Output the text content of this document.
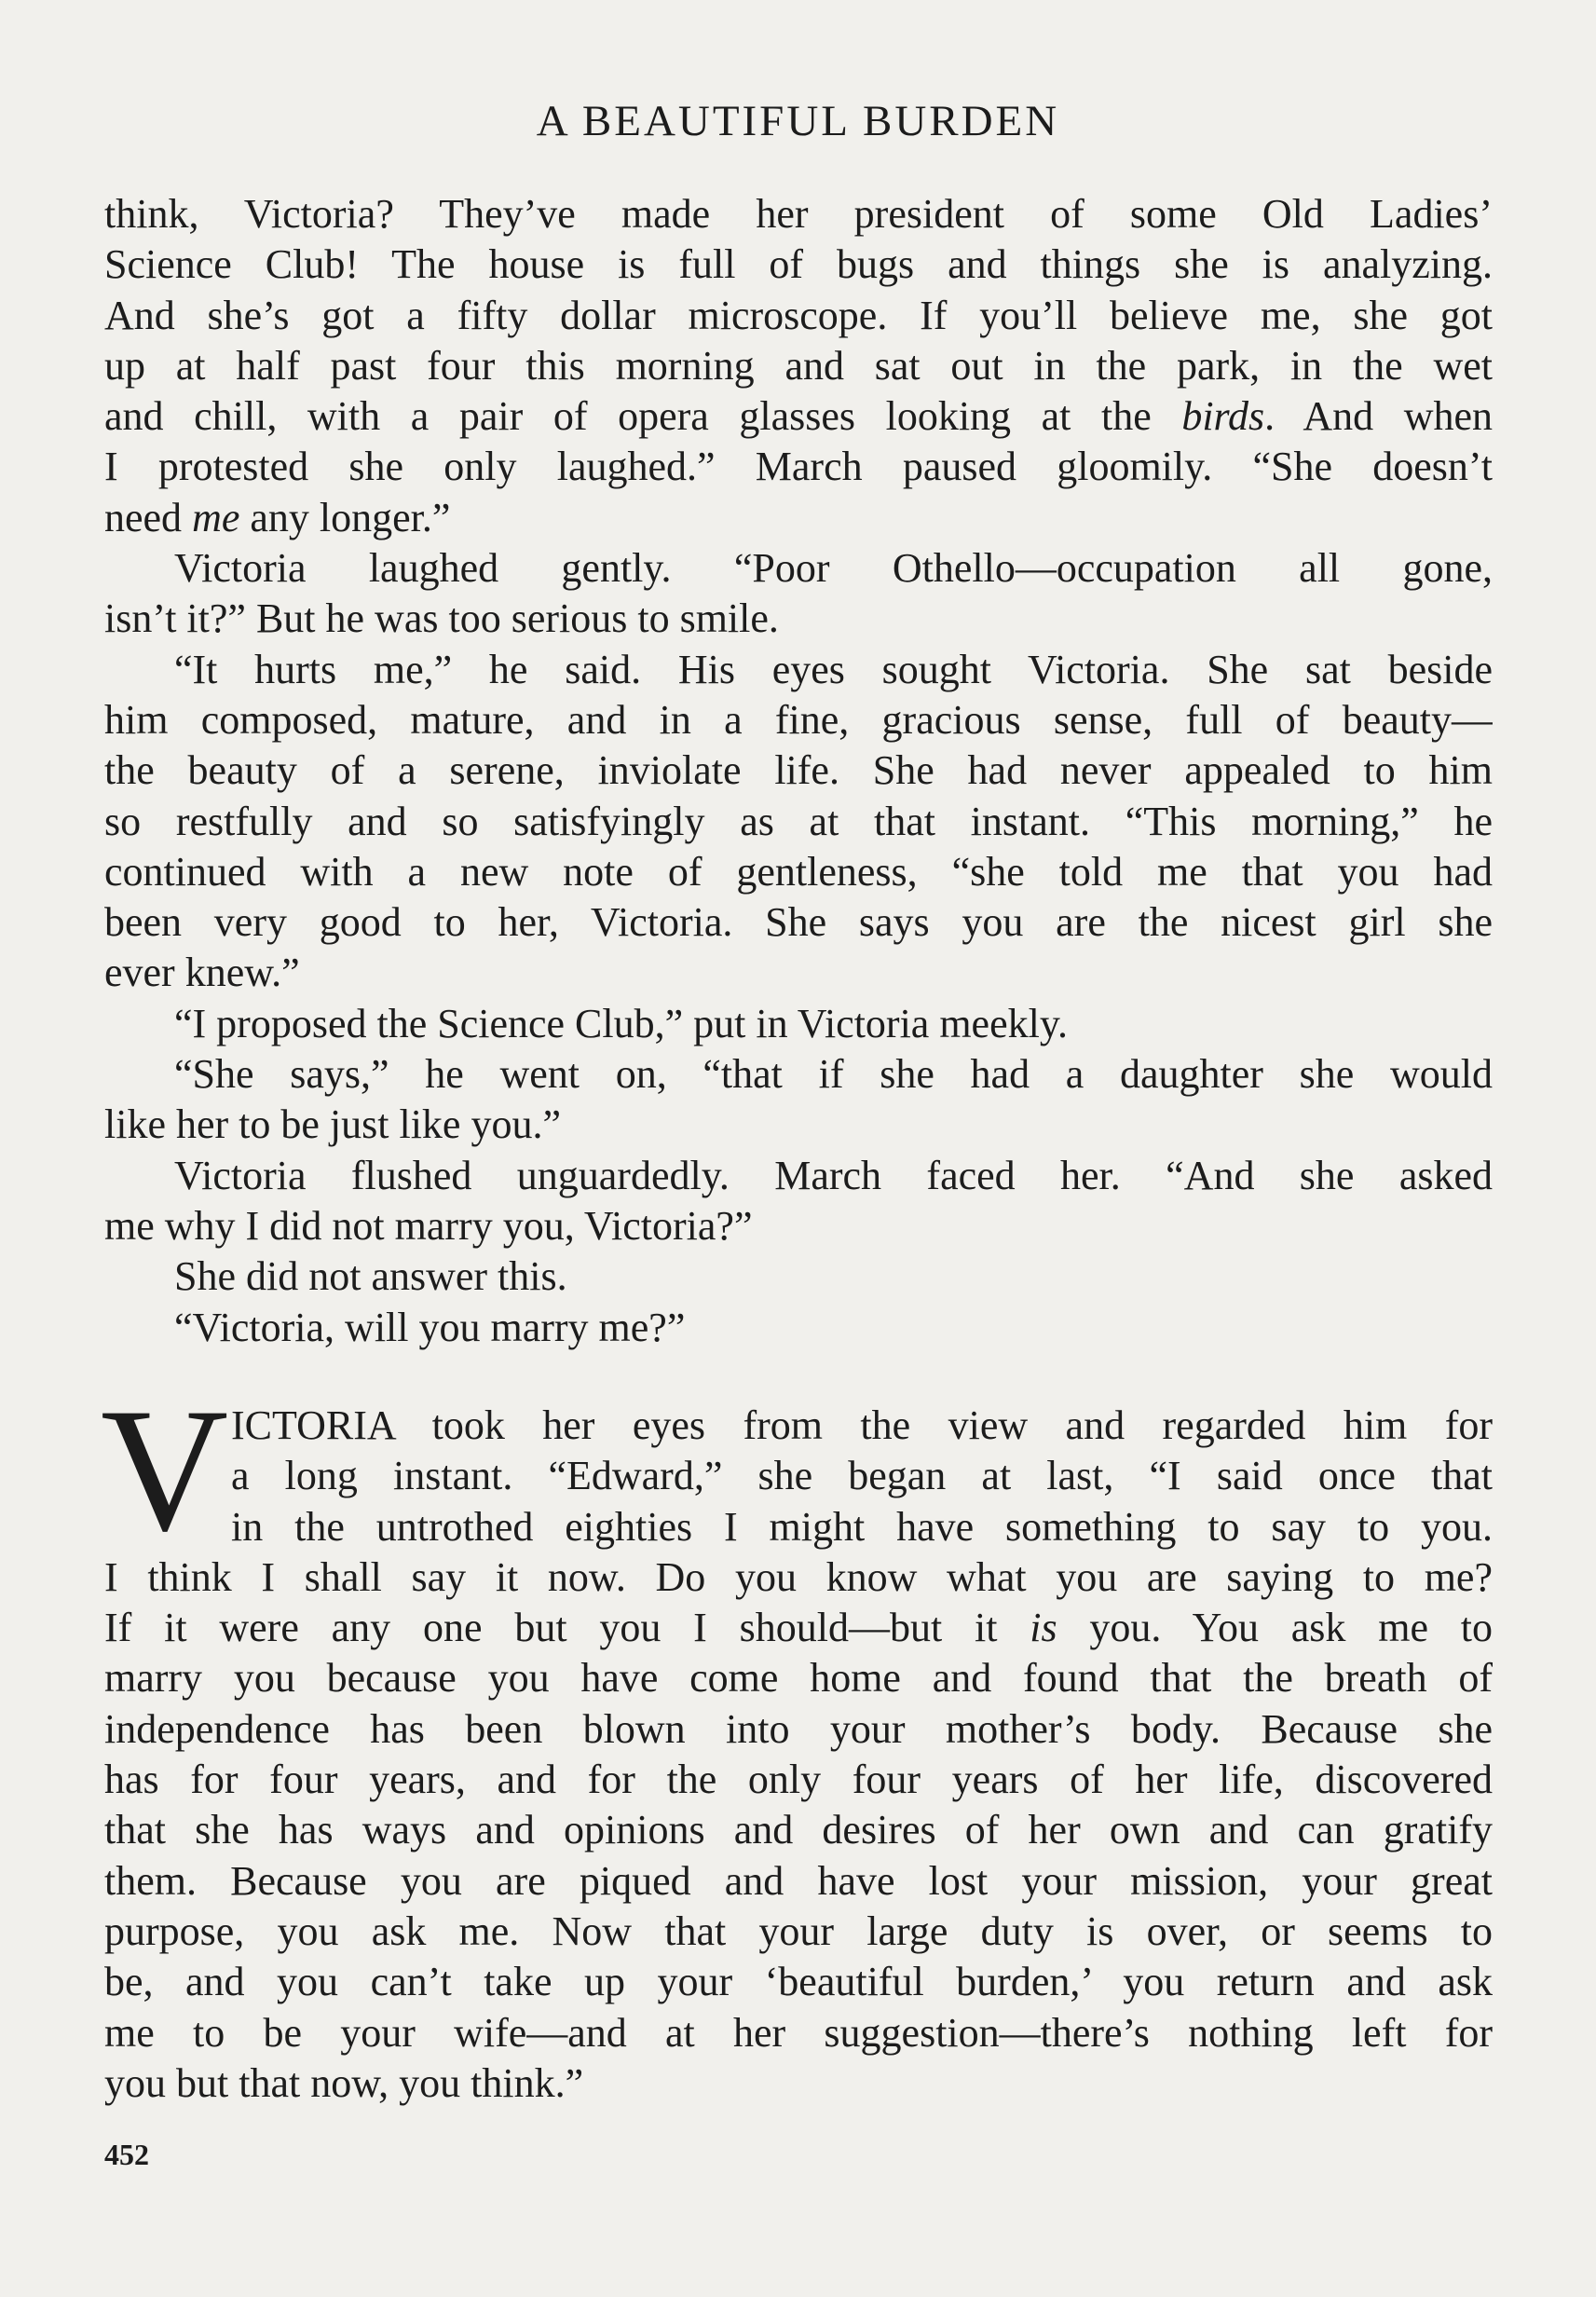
A BEAUTIFUL BURDEN
think, Victoria? They’ve made her president of some Old Ladies’
Science Club! The house is full of bugs and things she is analyzing.
And she’s got a fifty dollar microscope. If you’ll believe me, she got
up at half past four this morning and sat out in the park, in the wet
and chill, with a pair of opera glasses looking at the birds. And when
I protested she only laughed.” March paused gloomily. “She doesn’t
need me any longer.”
Victoria laughed gently. “Poor Othello—occupation all gone,
isn’t it?” But he was too serious to smile.
“It hurts me,” he said. His eyes sought Victoria. She sat beside
him composed, mature, and in a fine, gracious sense, full of beauty—
the beauty of a serene, inviolate life. She had never appealed to him
so restfully and so satisfyingly as at that instant. “This morning,” he
continued with a new note of gentleness, “she told me that you had
been very good to her, Victoria. She says you are the nicest girl she
ever knew.”
“I proposed the Science Club,” put in Victoria meekly.
“She says,” he went on, “that if she had a daughter she would
like her to be just like you.”
Victoria flushed unguardedly. March faced her. “And she asked
me why I did not marry you, Victoria?”
She did not answer this.
“Victoria, will you marry me?”
V ICTORIA took her eyes from the view and regarded him for
a long instant. “Edward,” she began at last, “I said once that
in the untrothed eighties I might have something to say to you.
I think I shall say it now. Do you know what you are saying to me?
If it were any one but you I should—but it is you. You ask me to
marry you because you have come home and found that the breath of
independence has been blown into your mother’s body. Because she
has for four years, and for the only four years of her life, discovered
that she has ways and opinions and desires of her own and can gratify
them. Because you are piqued and have lost your mission, your great
purpose, you ask me. Now that your large duty is over, or seems to
be, and you can’t take up your ‘beautiful burden,’ you return and ask
me to be your wife—and at her suggestion—there’s nothing left for
you but that now, you think.”
452
